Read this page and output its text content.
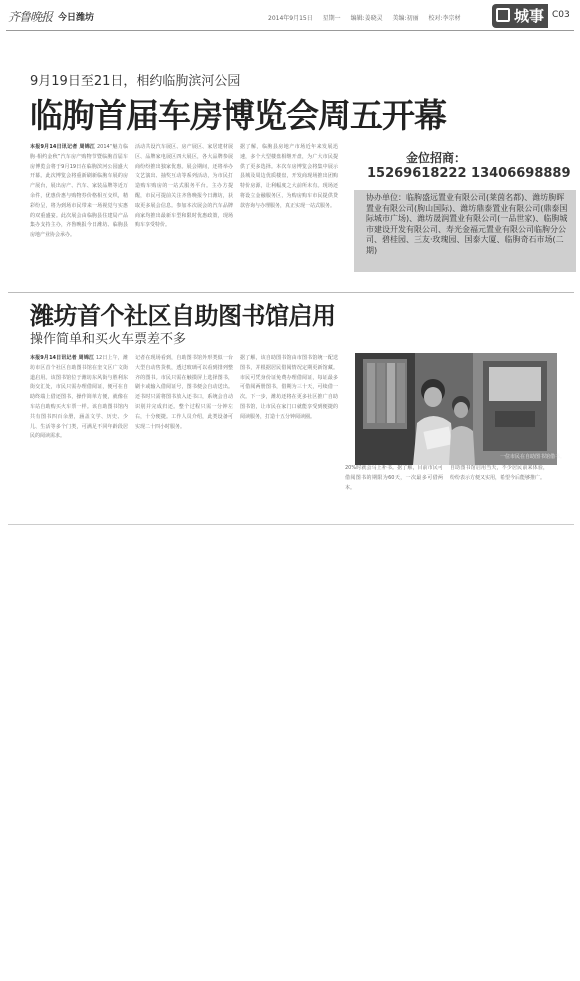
齐鲁晚报 今日潍坊	2014年9月15日 星期一 编辑:姜晓灵 美编:初丽 校对:李宗材	城事 C03
9月19日至21日，相约临朐滨河公园
临朐首届车房博览会周五开幕
本报9月14日讯记者 周锦江 2014“魅力临朐·相约金秋”汽车房产购物节暨临朐首届车房博览会将于9月19日在临朐滨河公园盛大开幕。此次博览会将重新刷新临朐车展的房产展台，展出房产、汽车、家装品牌等近万余件，优惠价惠与购物券价格相互交织，精彩纷呈，将为到场市民带来一场视觉与实惠的双重盛宴。此次展会由临朐县住建局产品集办支持主办，齐鲁晚报今日潍坊、临朐县房地产业协会承办。
活动共设汽车展区、房产展区、家居建材展区、品牌家电展区四大展区，各大品牌参展商纷纷推出独家优惠。展会期间，还将举办文艺演出、抽奖互动等系列活动，为市民打造购车购房的一站式服务平台。主办方提醒，市民可提前关注齐鲁晚报今日潍坊，获取更多展会信息。参加本次展会的汽车品牌商家均推出最新车型和限时优惠政策，现场购车享受特价。
据了解，临朐县房地产市场近年来发展迅速，多个大型楼盘相继开盘，为广大市民提供了更多选择。本次车房博览会将集中展示县城及周边优质楼盘，开发商现场推出团购特价房源，让利幅度之大前所未有。现场还将设立金融服务区，为购房购车市民提供贷款咨询与办理服务，真正实现一站式服务。
金位招商：
15269618222 13406698889
协办单位：临朐盛远置业有限公司(莱茵名都)、潍坊朐晖置业有限公司(朐山国际)、潍坊鼎泰置业有限公司(鼎泰国际城市广场)、潍坊晟润置业有限公司(一品世家)、临朐城市建设开发有限公司、寿光金福元置业有限公司临朐分公司、碧桂园、三友·玫瑰园、国泰大厦、临朐奇石市场(二期)
潍坊首个社区自助图书馆启用
操作简单和买火车票差不多
本报9月14日讯记者 周锦江 12日上午，潍坊市区首个社区自助图书馆在奎文区广文街道启用。该图书馆位于潍坊东风街与胜利东街交汇处，市民只需办理借阅证，便可在自助终端上借还图书，操作简单方便，就像在车站自助购买火车票一样。该自助图书馆内共有图书四百余册，涵盖文学、历史、少儿、生活等多个门类，可满足不同年龄段居民的阅读需求。
记者在现场看到，自助图书馆外形类似一台大型自动售货机，透过玻璃可以看到排列整齐的图书。市民只需在触摸屏上选择图书，刷卡或输入借阅证号，图书便会自动送出。还书时只需将图书放入还书口，系统会自动识别并完成归还。整个过程只需一分钟左右，十分便捷。工作人员介绍，此类设备可实现二十四小时服务。
据了解，该自助图书馆由市图书馆统一配送图书，并根据居民借阅情况定期更新馆藏。市民可凭身份证免费办理借阅证，每证最多可借阅两册图书，借期为三十天，可续借一次。下一步，潍坊还将在更多社区推广自助图书馆，让市民在家门口就能享受到便捷的阅读服务，打造十五分钟阅读圈。
20%时就会马上补书。据了解，目前市民可借阅图书的期限为60天，一次最多可借两本。
自助图书馆启用当天，不少居民前来体验，纷纷表示方便又实用，希望今后能够推广。
一位市民在自助图书馆借书。
